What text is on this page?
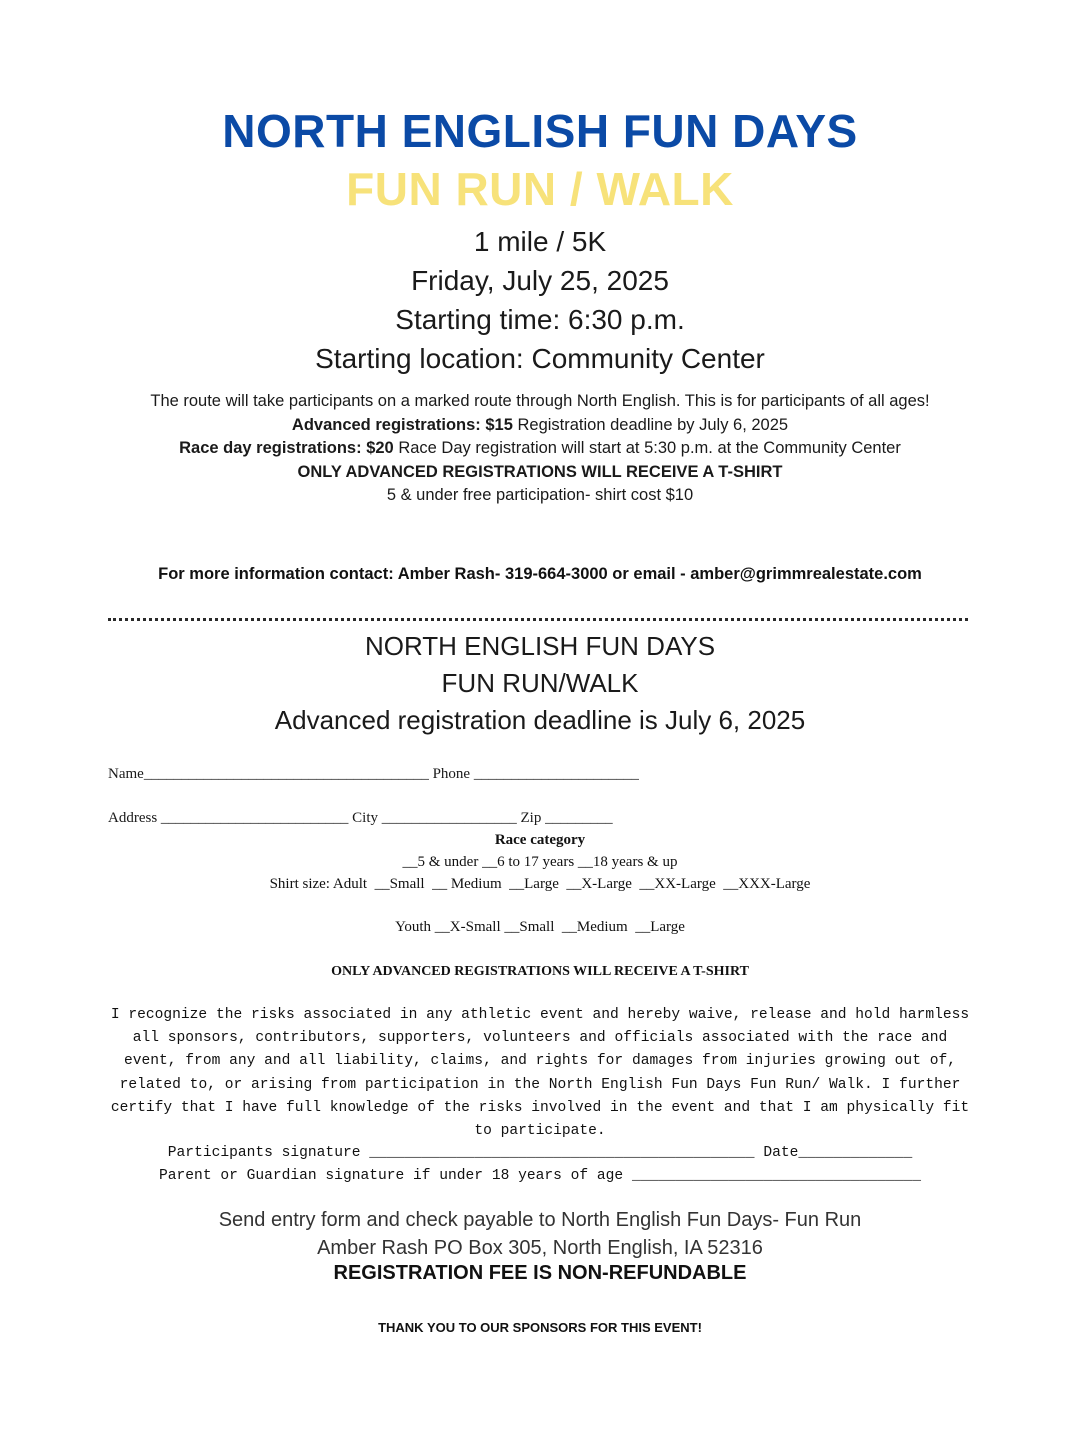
NORTH ENGLISH FUN DAYS
FUN RUN / WALK
1 mile / 5K
Friday, July 25, 2025
Starting time: 6:30 p.m.
Starting location: Community Center
The route will take participants on a marked route through North English. This is for participants of all ages!
Advanced registrations: $15 Registration deadline by July 6, 2025
Race day registrations: $20 Race Day registration will start at 5:30 p.m. at the Community Center
ONLY ADVANCED REGISTRATIONS WILL RECEIVE A T-SHIRT
5 & under free participation- shirt cost $10
For more information contact: Amber Rash- 319-664-3000 or email - amber@grimmrealestate.com
NORTH ENGLISH FUN DAYS
FUN RUN/WALK
Advanced registration deadline is July 6, 2025
Name______________________________________ Phone ______________________
Address _________________________ City __________________ Zip _________
Race category
__5 & under __6 to 17 years __18 years & up
Shirt size: Adult  __Small  __ Medium  __Large  __X-Large  __XX-Large  __XXX-Large
Youth __X-Small __Small  __Medium  __Large
ONLY ADVANCED REGISTRATIONS WILL RECEIVE A T-SHIRT
I recognize the risks associated in any athletic event and hereby waive, release and hold harmless all sponsors, contributors, supporters, volunteers and officials associated with the race and event, from any and all liability, claims, and rights for damages from injuries growing out of, related to, or arising from participation in the North English Fun Days Fun Run/ Walk. I further certify that I have full knowledge of the risks involved in the event and that I am physically fit to participate.
Participants signature ____________________________________________ Date_____________
Parent or Guardian signature if under 18 years of age _________________________________
Send entry form and check payable to North English Fun Days- Fun Run
Amber Rash PO Box 305, North English, IA 52316
REGISTRATION FEE IS NON-REFUNDABLE
THANK YOU TO OUR SPONSORS FOR THIS EVENT!
